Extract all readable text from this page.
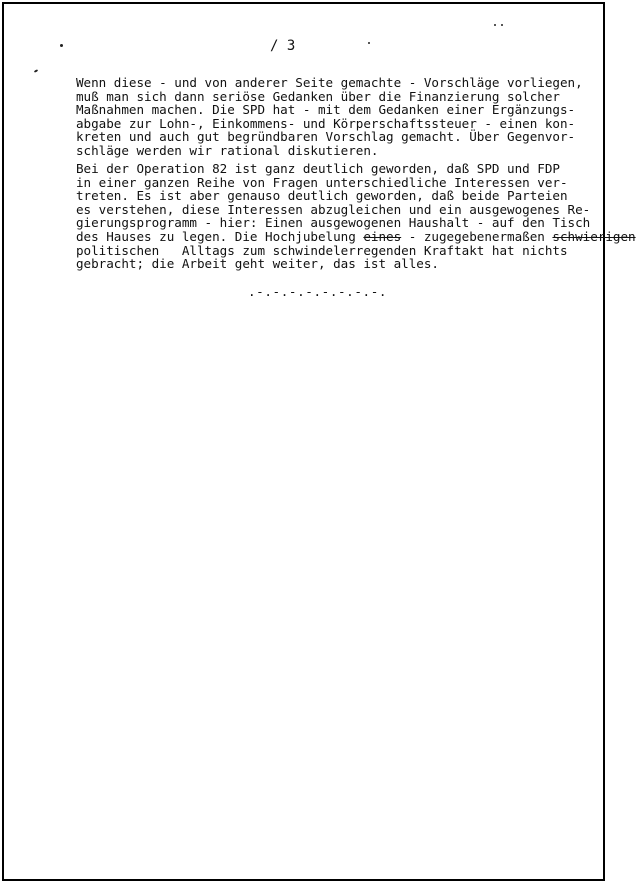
/ 3
Wenn diese - und von anderer Seite gemachte - Vorschläge vorliegen,
muß man sich dann seriöse Gedanken über die Finanzierung solcher
Maßnahmen machen. Die SPD hat - mit dem Gedanken einer Ergänzungs-
abgabe zur Lohn-, Einkommens- und Körperschaftssteuer - einen kon-
kreten und auch gut begründbaren Vorschlag gemacht. Über Gegenvor-
schläge werden wir rational diskutieren.
Bei der Operation 82 ist ganz deutlich geworden, daß SPD und FDP
in einer ganzen Reihe von Fragen unterschiedliche Interessen ver-
treten. Es ist aber genauso deutlich geworden, daß beide Parteien
es verstehen, diese Interessen abzugleichen und ein ausgewogenes Re-
gierungsprogramm - hier: Einen ausgewogenen Haushalt - auf den Tisch
des Hauses zu legen. Die Hochjubelung eines - zugegebenermaßen schwierigen
politischen   Alltags zum schwindelerregenden Kraftakt hat nichts
gebracht; die Arbeit geht weiter, das ist alles.
.-.-.-.-.-.-.-.-.
